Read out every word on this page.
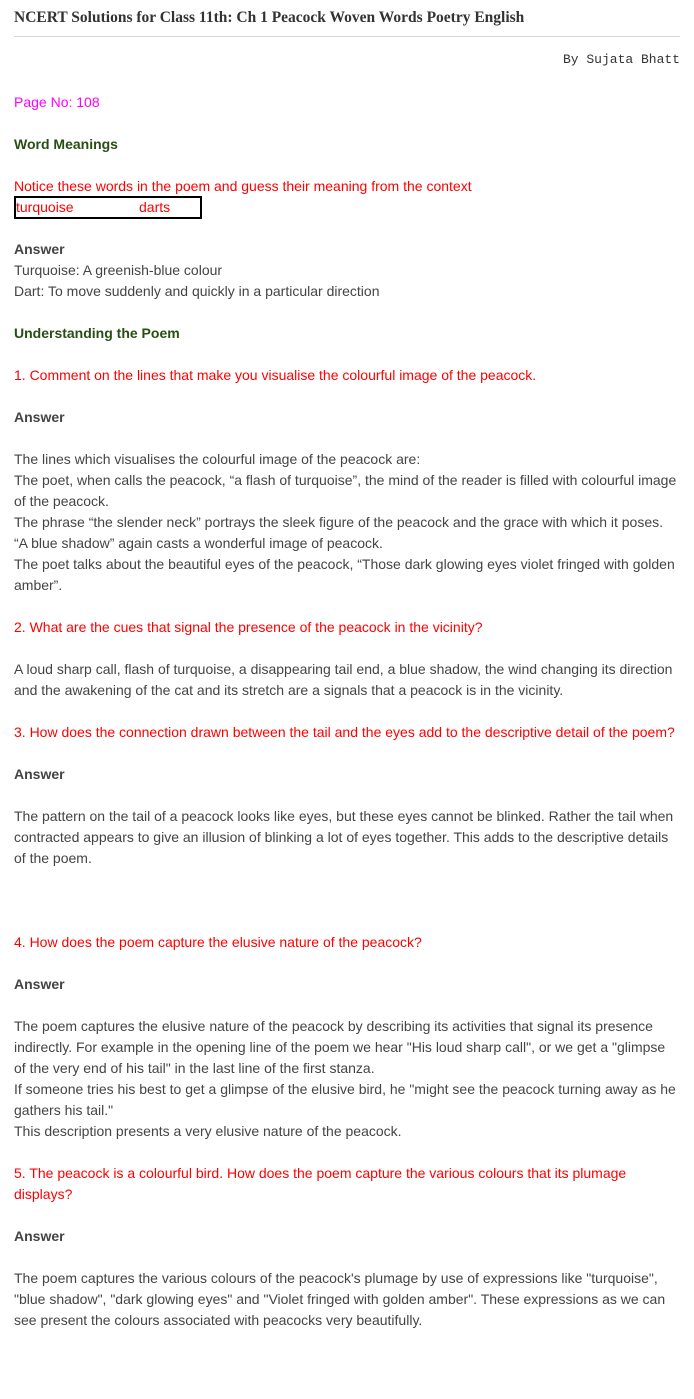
NCERT Solutions for Class 11th: Ch 1 Peacock Woven Words Poetry English
By Sujata Bhatt

Page No: 108

Word Meanings

Notice these words in the poem and guess their meaning from the context

turquoise	darts

Answer

Turquoise: A greenish-blue colour

Dart: To move suddenly and quickly in a particular direction

Understanding the Poem

1. Comment on the lines that make you visualise the colourful image of the peacock.

Answer

The lines which visualises the colourful image of the peacock are:

The poet, when calls the peacock, “a flash of turquoise”, the mind of the reader is filled with colourful image of the peacock.

The phrase “the slender neck” portrays the sleek figure of the peacock and the grace with which it poses.

“A blue shadow” again casts a wonderful image of peacock.

The poet talks about the beautiful eyes of the peacock, “Those dark glowing eyes violet fringed with golden amber”.

2. What are the cues that signal the presence of the peacock in the vicinity?

A loud sharp call, flash of turquoise, a disappearing tail end, a blue shadow, the wind changing its direction and the awakening of the cat and its stretch are a signals that a peacock is in the vicinity.

3. How does the connection drawn between the tail and the eyes add to the descriptive detail of the poem?

Answer

The pattern on the tail of a peacock looks like eyes, but these eyes cannot be blinked. Rather the tail when contracted appears to give an illusion of blinking a lot of eyes together. This adds to the descriptive details of the poem.

4. How does the poem capture the elusive nature of the peacock?

Answer

The poem captures the elusive nature of the peacock by describing its activities that signal its presence indirectly. For example in the opening line of the poem we hear "His loud sharp call", or we get a "glimpse of the very end of his tail" in the last line of the first stanza.

If someone tries his best to get a glimpse of the elusive bird, he "might see the peacock turning away as he gathers his tail."

This description presents a very elusive nature of the peacock.

5. The peacock is a colourful bird. How does the poem capture the various colours that its plumage displays?

Answer

The poem captures the various colours of the peacock's plumage by use of expressions like "turquoise", "blue shadow", "dark glowing eyes" and "Violet fringed with golden amber". These expressions as we can see present the colours associated with peacocks very beautifully.
